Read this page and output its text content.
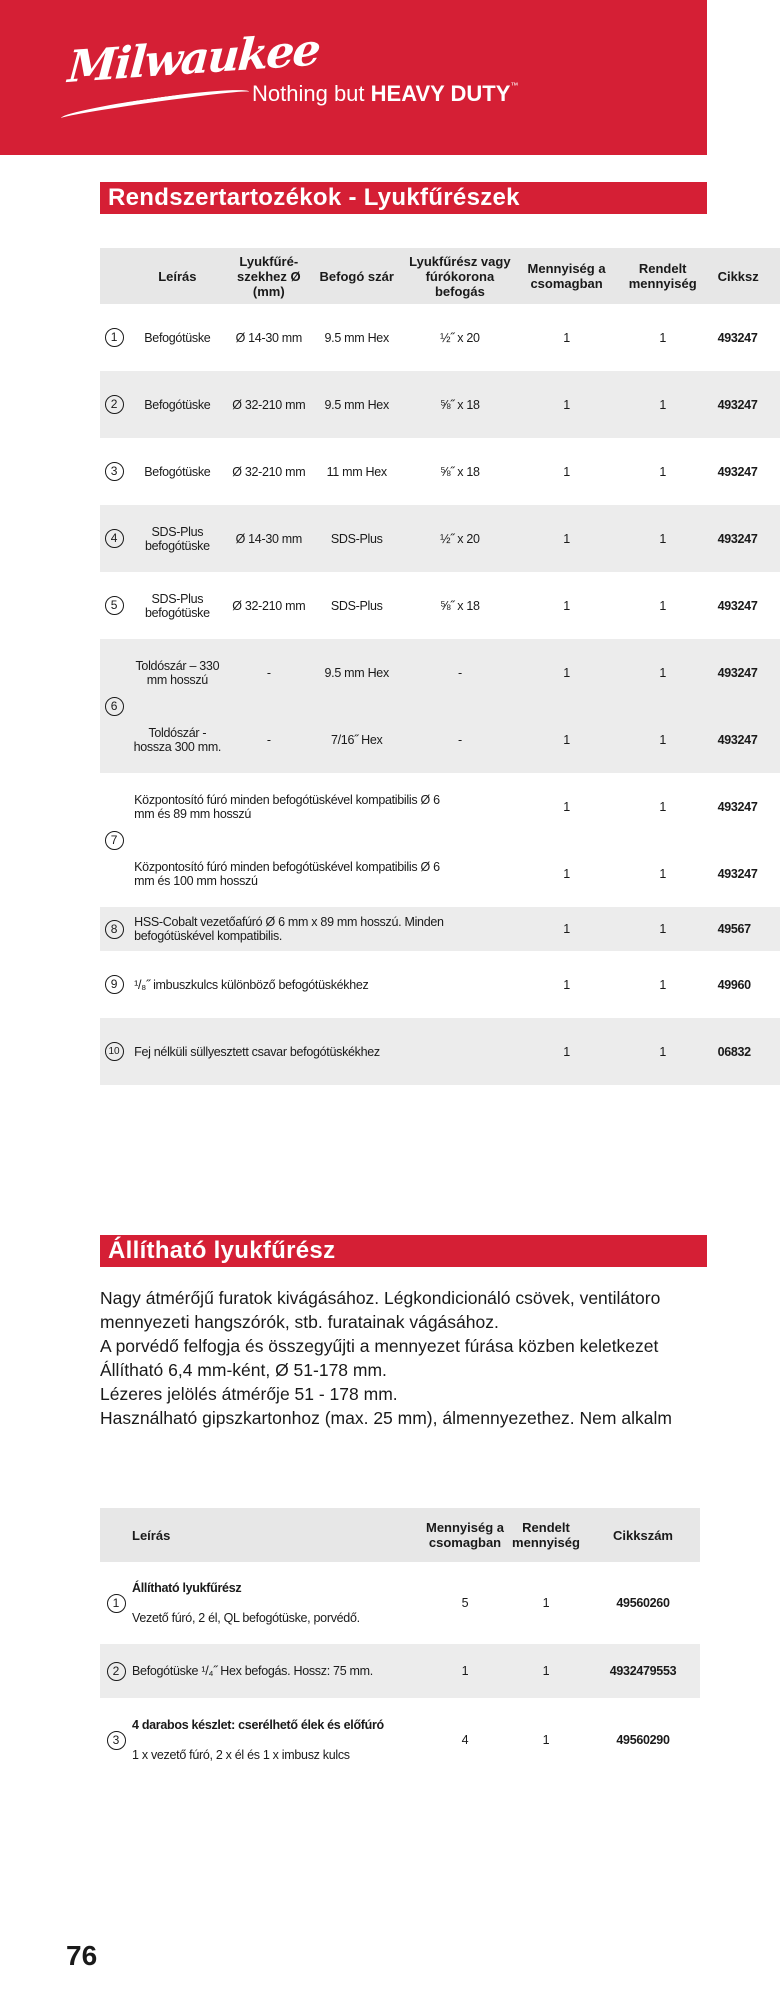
Milwaukee
Nothing but HEAVY DUTY™
Rendszertartozékok - Lyukfűrészek
	Leírás	Lyukfűré-szekhez Ø (mm)	Befogó szár	Lyukfűrész vagy fúrókorona befogás	Mennyiség a csomagban	Rendelt mennyiség	Cikksz
1	Befogótüske	Ø 14-30 mm	9.5 mm Hex	½˝ x 20	1	1	493247
2	Befogótüske	Ø 32-210 mm	9.5 mm Hex	⅝˝ x 18	1	1	493247
3	Befogótüske	Ø 32-210 mm	11 mm Hex	⅝˝ x 18	1	1	493247
4	SDS-Plus befogótüske	Ø 14-30 mm	SDS-Plus	½˝ x 20	1	1	493247
5	SDS-Plus befogótüske	Ø 32-210 mm	SDS-Plus	⅝˝ x 18	1	1	493247
6	Toldószár – 330 mm hosszú	-	9.5 mm Hex	-	1	1	493247
	Toldószár - hossza 300 mm.	-	7/16˝ Hex	-	1	1	493247
7	Központosító fúró minden befogótüskével kompatibilis Ø 6 mm és 89 mm hosszú				1	1	493247
	Központosító fúró minden befogótüskével kompatibilis Ø 6 mm és 100 mm hosszú				1	1	493247
8	HSS-Cobalt vezetőafúró Ø 6 mm x 89 mm hosszú. Minden befogótüskével kompatibilis.				1	1	49567
9	¹/₈˝ imbuszkulcs különböző befogótüskékhez				1	1	49960
10	Fej nélküli süllyesztett csavar befogótüskékhez				1	1	06832
Állítható lyukfűrész
Nagy átmérőjű furatok kivágásához. Légkondicionáló csövek, ventilátoro
mennyezeti hangszórók, stb. furatainak vágásához.
A porvédő felfogja és összegyűjti a mennyezet fúrása közben keletkezet
Állítható 6,4 mm-ként, Ø 51-178 mm.
Lézeres jelölés átmérője 51 - 178 mm.
Használható gipszkartonhoz (max. 25 mm), álmennyezethez. Nem alkalm
	Leírás	Mennyiség a csomagban	Rendelt mennyiség	Cikkszám
1	Állítható lyukfűrész
Vezető fúró, 2 él, QL befogótüske, porvédő.	5	1	49560260
2	Befogótüske ¹/₄˝ Hex befogás. Hossz: 75 mm.	1	1	4932479553
3	4 darabos készlet: cserélhető élek és előfúró
1 x vezető fúró, 2 x él és 1 x imbusz kulcs	4	1	49560290
76
